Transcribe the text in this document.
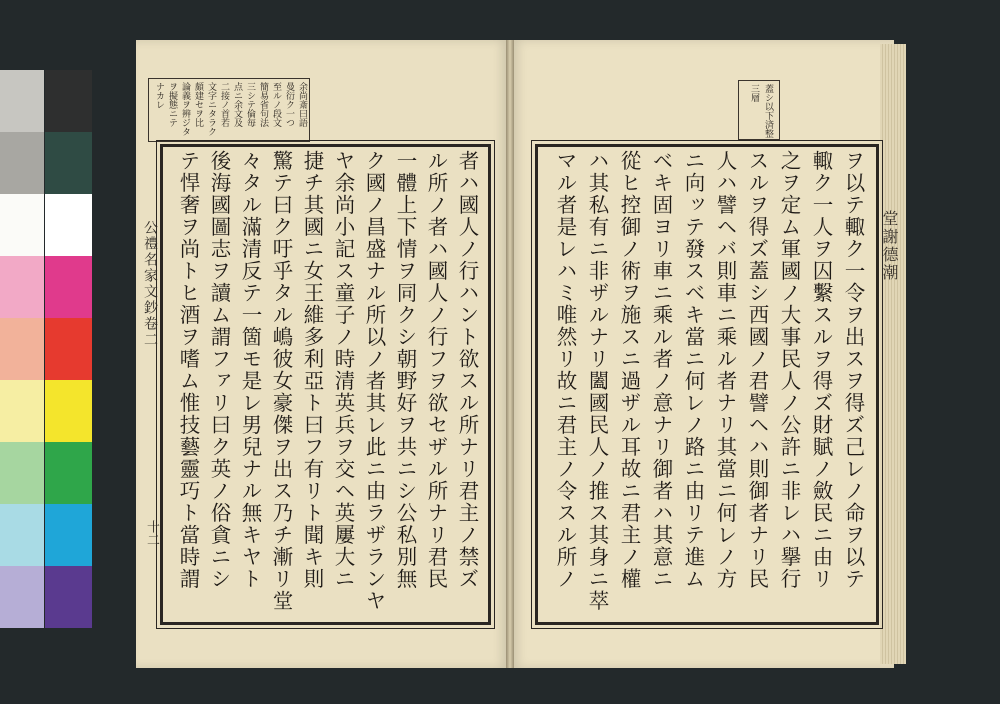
余尚斎曰語
曼衍ク一つ
至ルノ段文
簡易省句法
三シテ倫毎
点ニ余文及
二接ノ首若
文字ニタラク
頗建セヲ比
論義ヲ辨ジタ
ヲ擬態ニテ
ナカレ	蓋シ以下済整
三層
公禮名家文鈔卷二
十二
堂謝德潮
者ハ國人ノ行ハント欲スル所ナリ君主ノ禁ズ
ル所ノ者ハ國人ノ行フヲ欲セザル所ナリ君民
一體上下情ヲ同クシ朝野好ヲ共ニシ公私別無
ク國ノ昌盛ナル所以ノ者其レ此ニ由ラザランヤ
ヤ余尚小記ス童子ノ時清英兵ヲ交ヘ英屢大ニ
捷チ其國ニ女王維多利亞ト曰フ有リト聞キ則
驚テ曰ク吁乎タル嶋彼女豪傑ヲ出ス乃チ漸リ堂
々タル滿清反テ一箇モ是レ男兒ナル無キヤト
後海國圖志ヲ讀ム謂ファリ曰ク英ノ俗貪ニシ
テ悍奢ヲ尚トヒ酒ヲ嗜ム惟技藝靈巧ト當時謂	ヲ以テ輙ク一令ヲ出スヲ得ズ己レノ命ヲ以テ
輙ク一人ヲ囚繫スルヲ得ズ財賦ノ斂民ニ由リ
之ヲ定ム軍國ノ大事民人ノ公許ニ非レハ擧行
スルヲ得ズ蓋シ西國ノ君譬ヘハ則御者ナリ民
人ハ譬ヘバ則車ニ乘ル者ナリ其當ニ何レノ方
ニ向ッテ發スベキ當ニ何レノ路ニ由リテ進ム
ベキ固ヨリ車ニ乘ル者ノ意ナリ御者ハ其意ニ
從ヒ控御ノ術ヲ施スニ過ザル耳故ニ君主ノ權
ハ其私有ニ非ザルナリ闔國民人ノ推ス其身ニ萃
マル者是レハミ唯然リ故ニ君主ノ令スル所ノ
